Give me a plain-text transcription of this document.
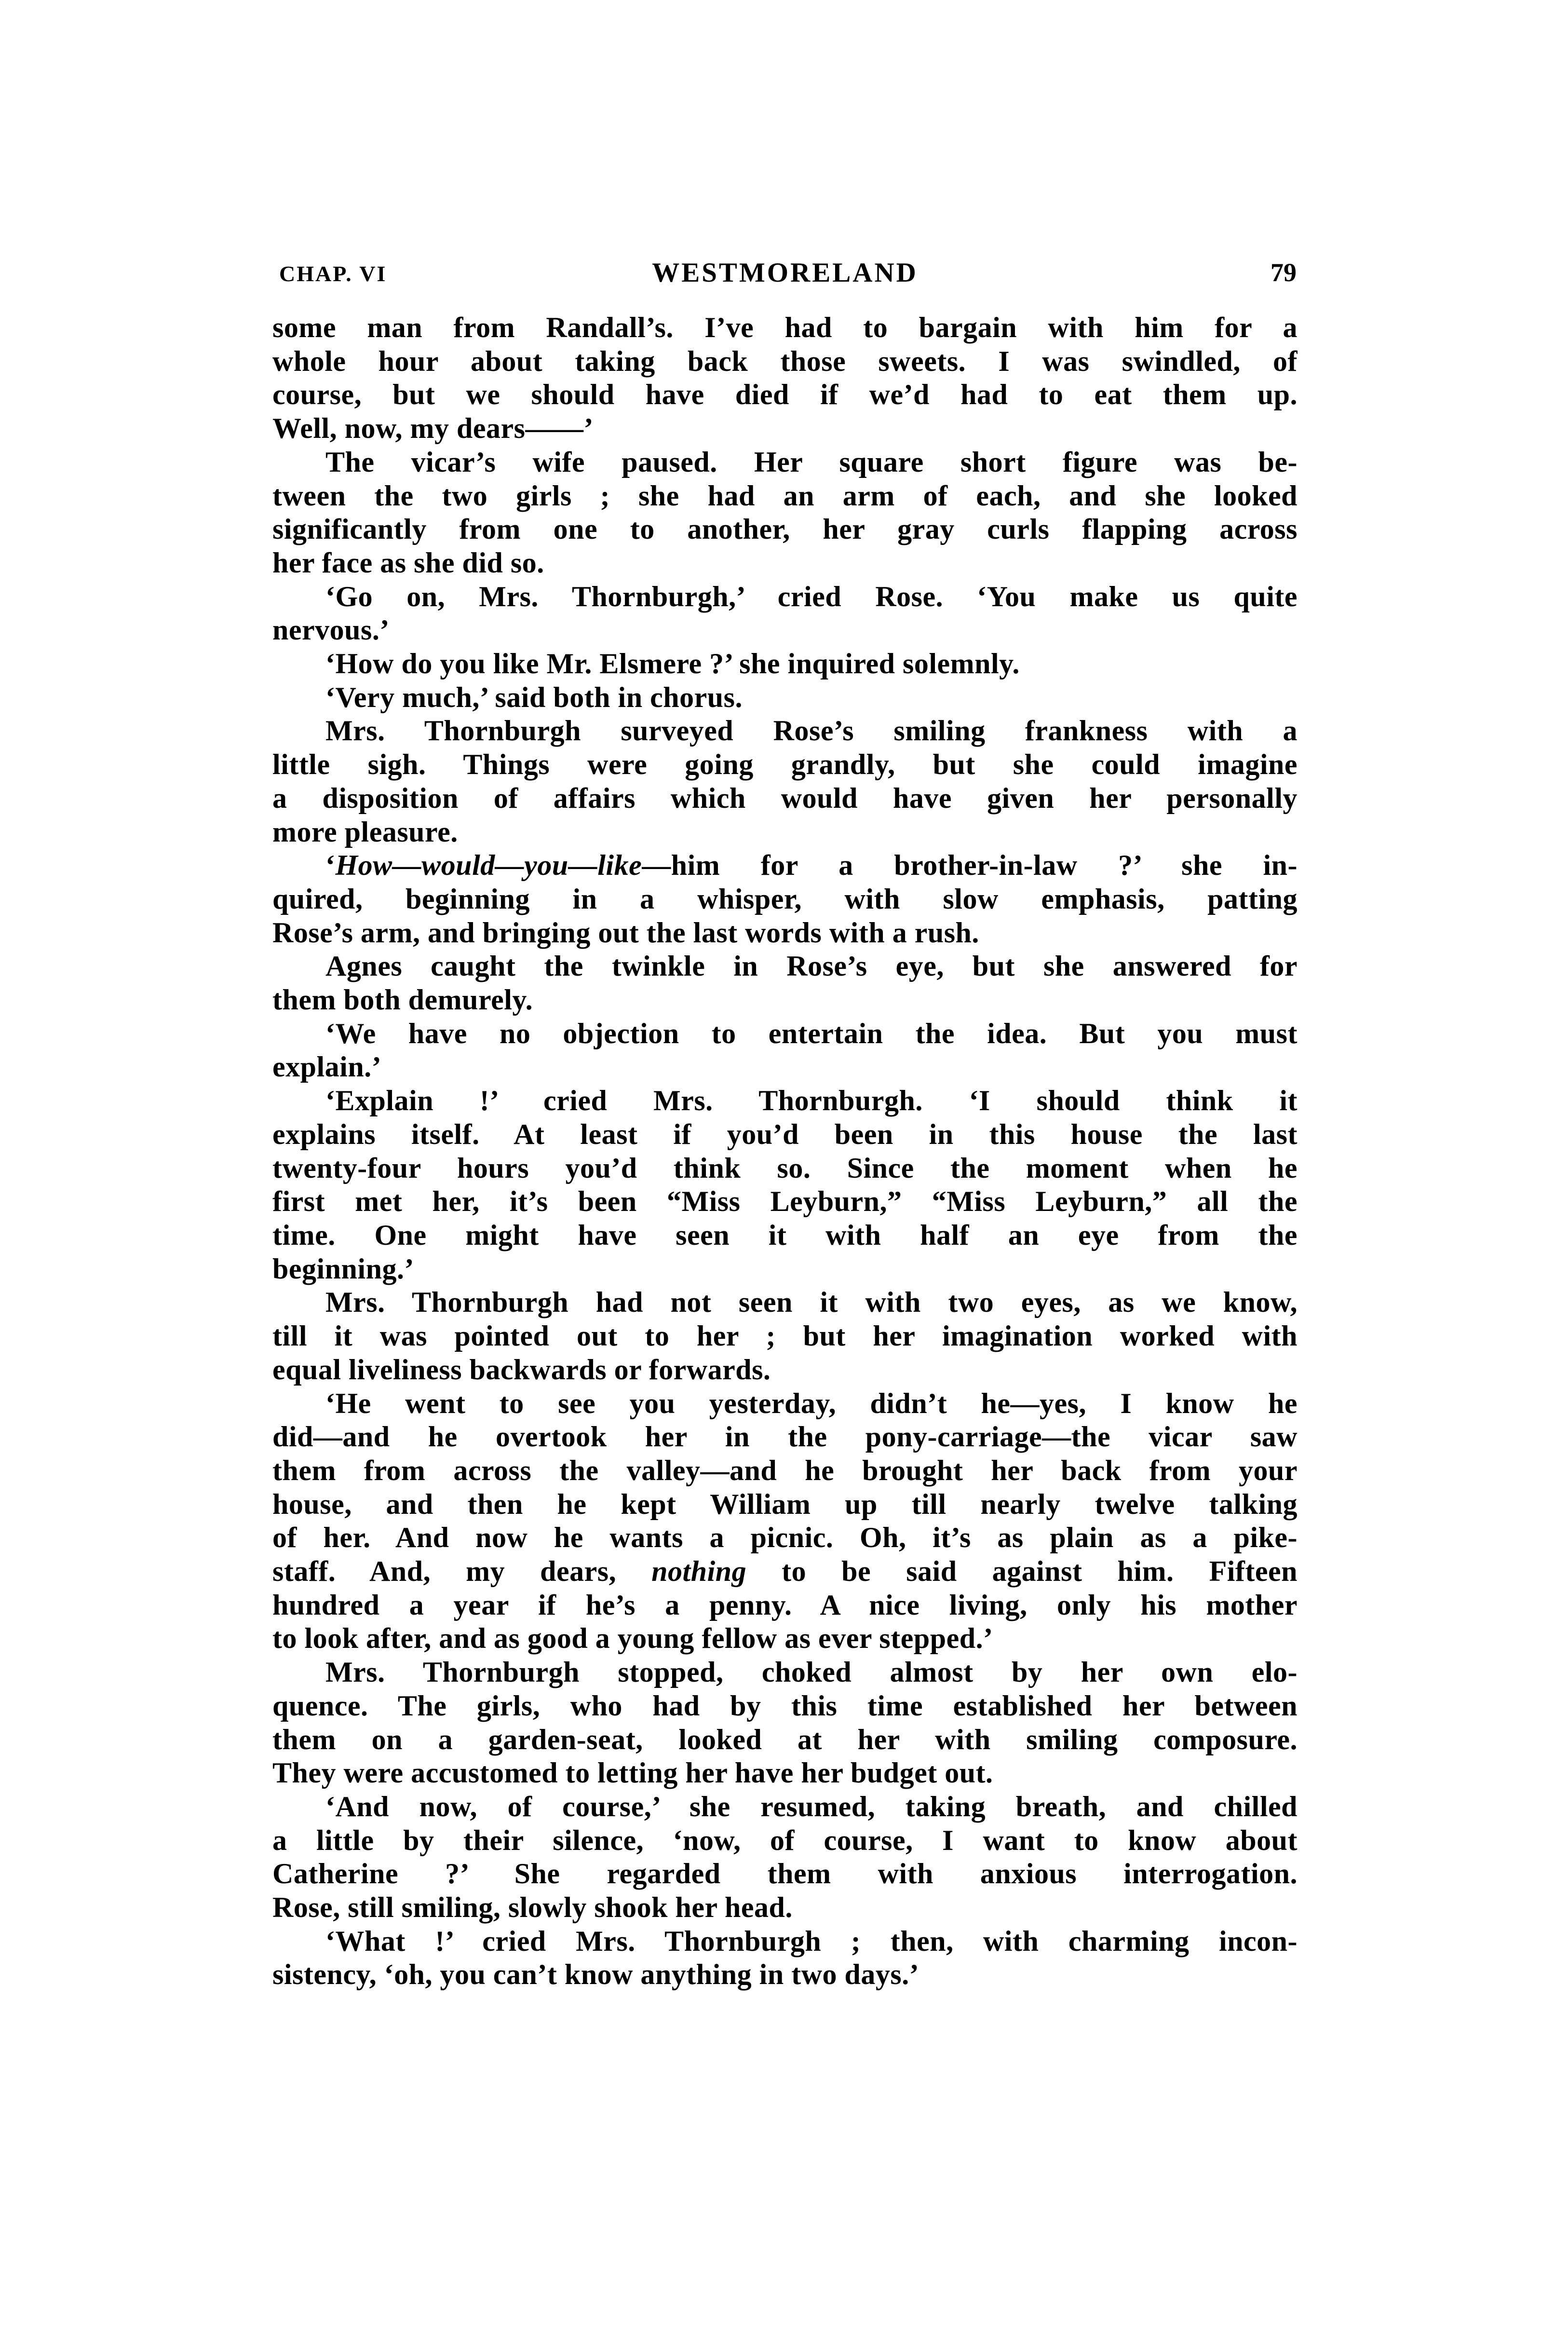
CHAP. VI	WESTMORELAND	79
some man from Randall’s. I’ve had to bargain with him for a
whole hour about taking back those sweets. I was swindled, of
course, but we should have died if we’d had to eat them up.
Well, now, my dears——’
The vicar’s wife paused. Her square short figure was be-
tween the two girls ; she had an arm of each, and she looked
significantly from one to another, her gray curls flapping across
her face as she did so.
‘Go on, Mrs. Thornburgh,’ cried Rose. ‘You make us quite
nervous.’
‘How do you like Mr. Elsmere ?’ she inquired solemnly.
‘Very much,’ said both in chorus.
Mrs. Thornburgh surveyed Rose’s smiling frankness with a
little sigh. Things were going grandly, but she could imagine
a disposition of affairs which would have given her personally
more pleasure.
‘How—would—you—like—him for a brother-in-law ?’ she in-
quired, beginning in a whisper, with slow emphasis, patting
Rose’s arm, and bringing out the last words with a rush.
Agnes caught the twinkle in Rose’s eye, but she answered for
them both demurely.
‘We have no objection to entertain the idea. But you must
explain.’
‘Explain !’ cried Mrs. Thornburgh. ‘I should think it
explains itself. At least if you’d been in this house the last
twenty-four hours you’d think so. Since the moment when he
first met her, it’s been “Miss Leyburn,” “Miss Leyburn,” all the
time. One might have seen it with half an eye from the
beginning.’
Mrs. Thornburgh had not seen it with two eyes, as we know,
till it was pointed out to her ; but her imagination worked with
equal liveliness backwards or forwards.
‘He went to see you yesterday, didn’t he—yes, I know he
did—and he overtook her in the pony-carriage—the vicar saw
them from across the valley—and he brought her back from your
house, and then he kept William up till nearly twelve talking
of her. And now he wants a picnic. Oh, it’s as plain as a pike-
staff. And, my dears, nothing to be said against him. Fifteen
hundred a year if he’s a penny. A nice living, only his mother
to look after, and as good a young fellow as ever stepped.’
Mrs. Thornburgh stopped, choked almost by her own elo-
quence. The girls, who had by this time established her between
them on a garden-seat, looked at her with smiling composure.
They were accustomed to letting her have her budget out.
‘And now, of course,’ she resumed, taking breath, and chilled
a little by their silence, ‘now, of course, I want to know about
Catherine ?’ She regarded them with anxious interrogation.
Rose, still smiling, slowly shook her head.
‘What !’ cried Mrs. Thornburgh ; then, with charming incon-
sistency, ‘oh, you can’t know anything in two days.’
